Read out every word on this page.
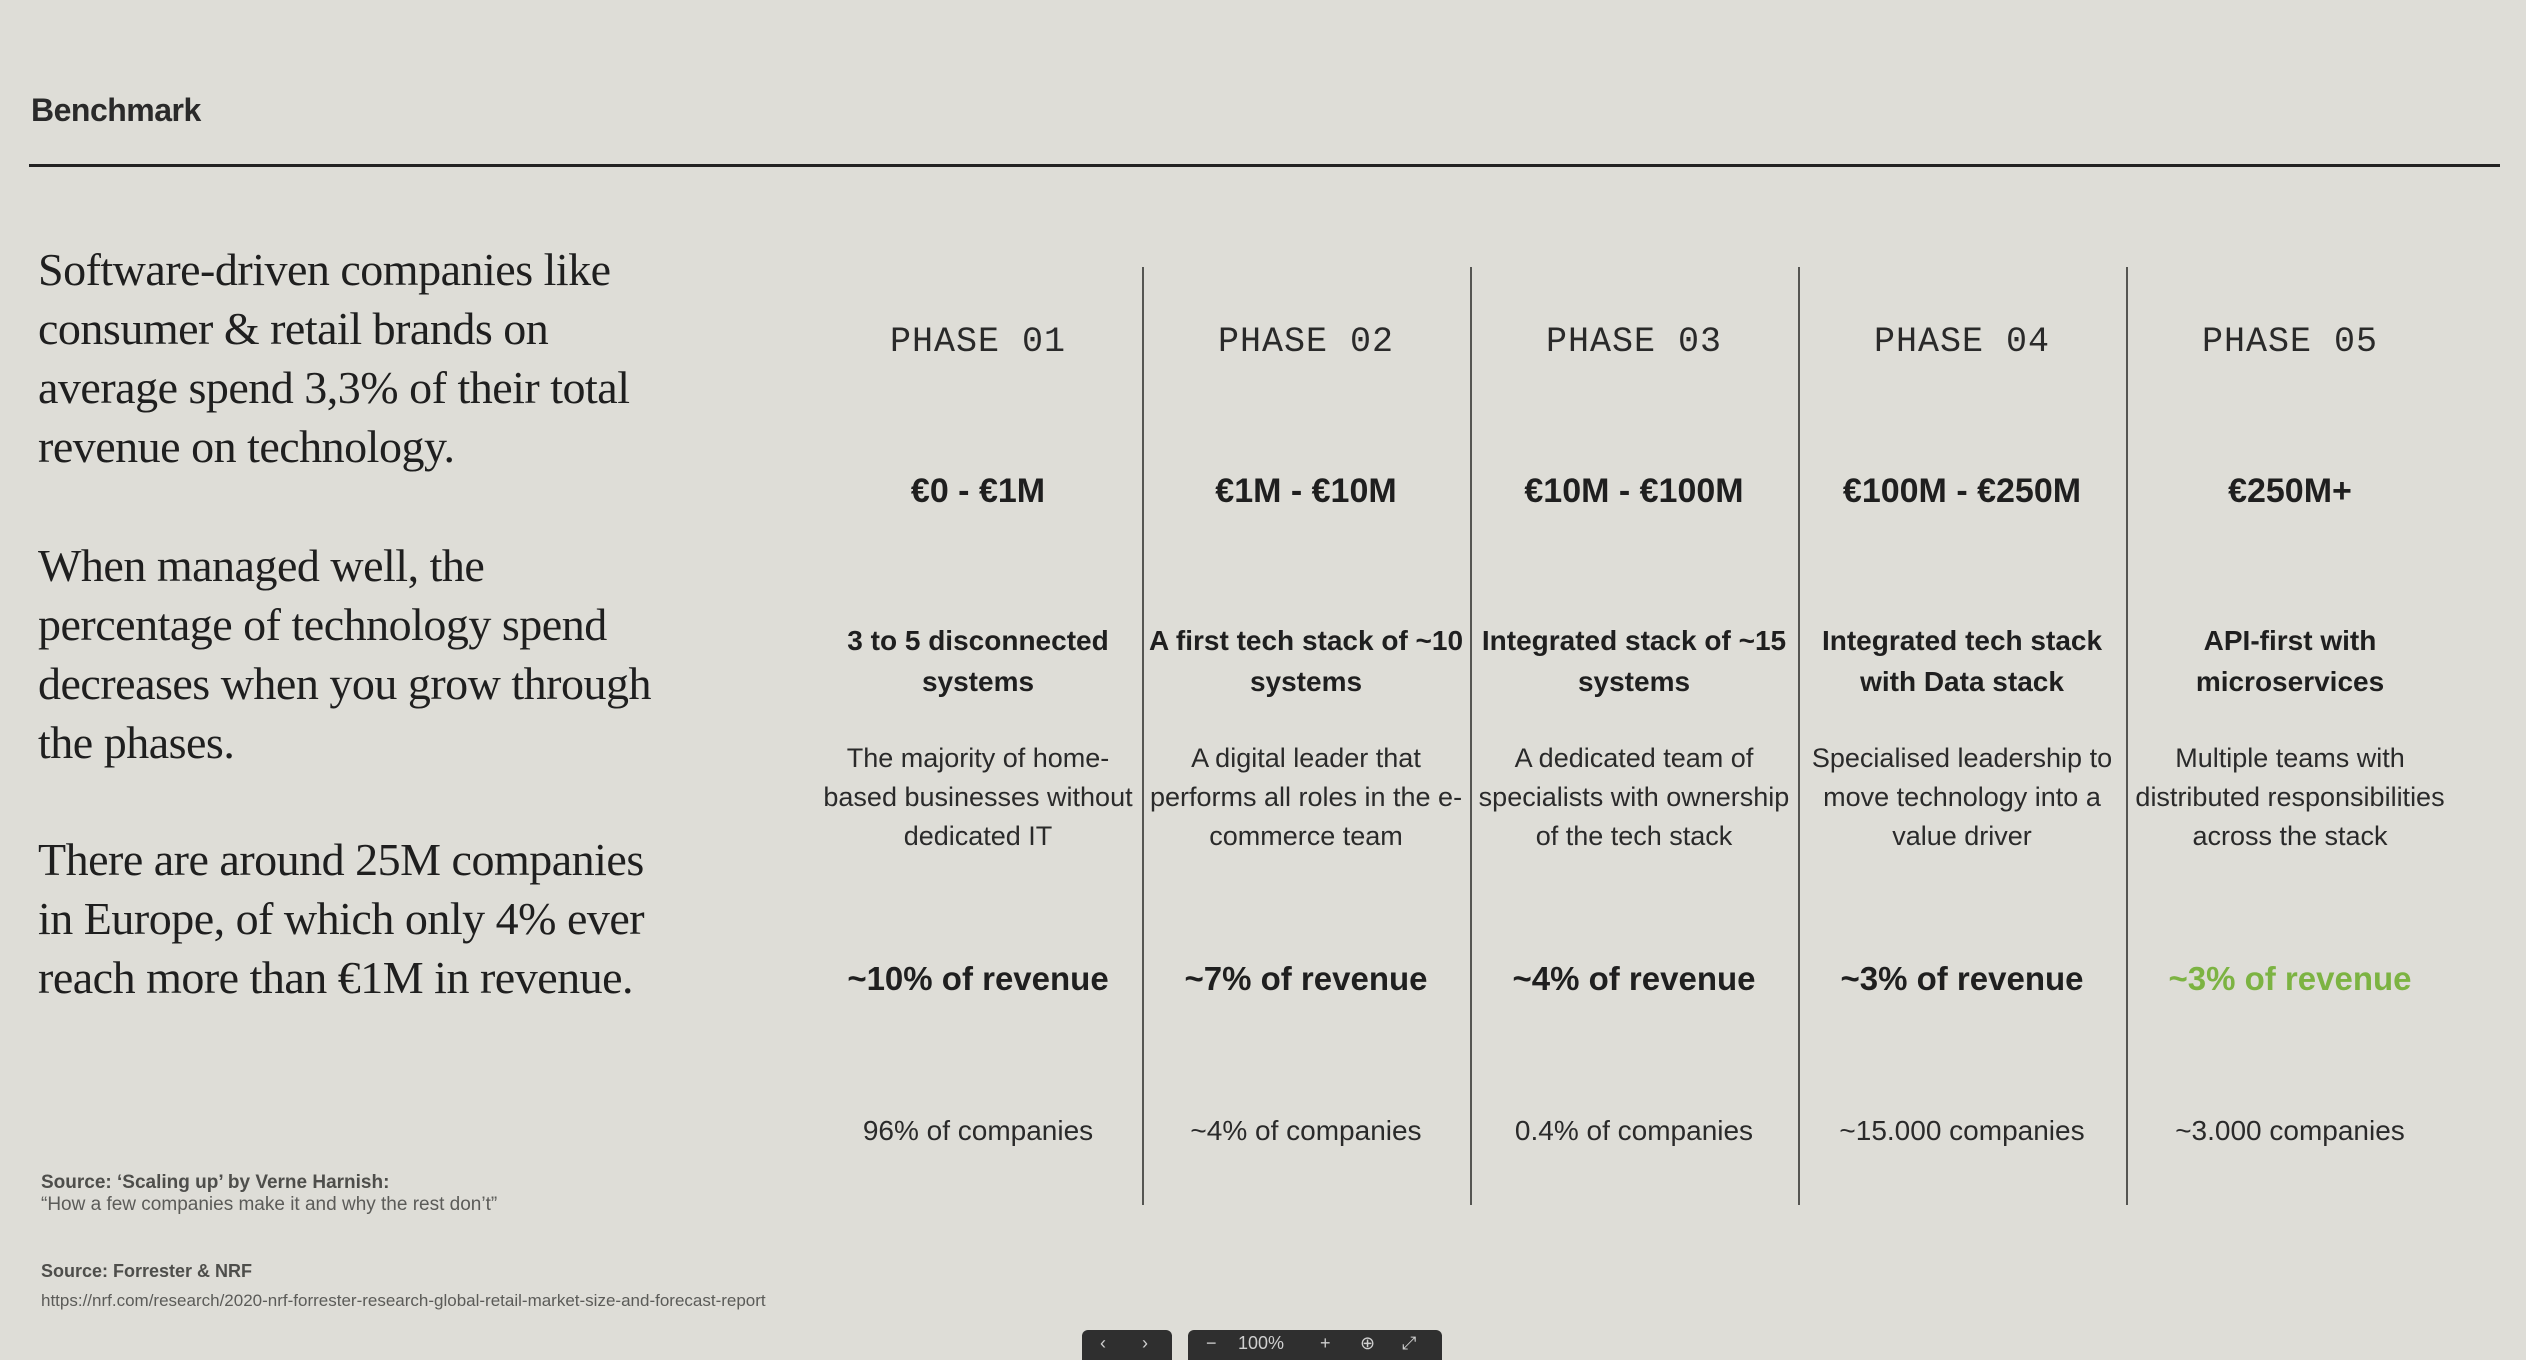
Benchmark

Software-driven companies like consumer & retail brands on average spend 3,3% of their total revenue on technology.

When managed well, the percentage of technology spend decreases when you grow through the phases.

There are around 25M companies in Europe, of which only 4% ever reach more than €1M in revenue.

Source: ‘Scaling up’ by Verne Harnish:
“How a few companies make it and why the rest don’t”
Source: Forrester & NRF
https://nrf.com/research/2020-nrf-forrester-research-global-retail-market-size-and-forecast-report
PHASE 01
€0 - €1M
3 to 5 disconnected systems
The majority of home-based businesses without dedicated IT
~10% of revenue
96% of companies
PHASE 02
€1M - €10M
A first tech stack of ~10 systems
A digital leader that performs all roles in the e-commerce team
~7% of revenue
~4% of companies
PHASE 03
€10M - €100M
Integrated stack of ~15 systems
A dedicated team of specialists with ownership of the tech stack
~4% of revenue
0.4% of companies
PHASE 04
€100M - €250M
Integrated tech stack with Data stack
Specialised leadership to move technology into a value driver
~3% of revenue
~15.000 companies
PHASE 05
€250M+
API-first with microservices
Multiple teams with distributed responsibilities across the stack
~3% of revenue
~3.000 companies
‹ ›	− 100% + ⊕ ⤢
